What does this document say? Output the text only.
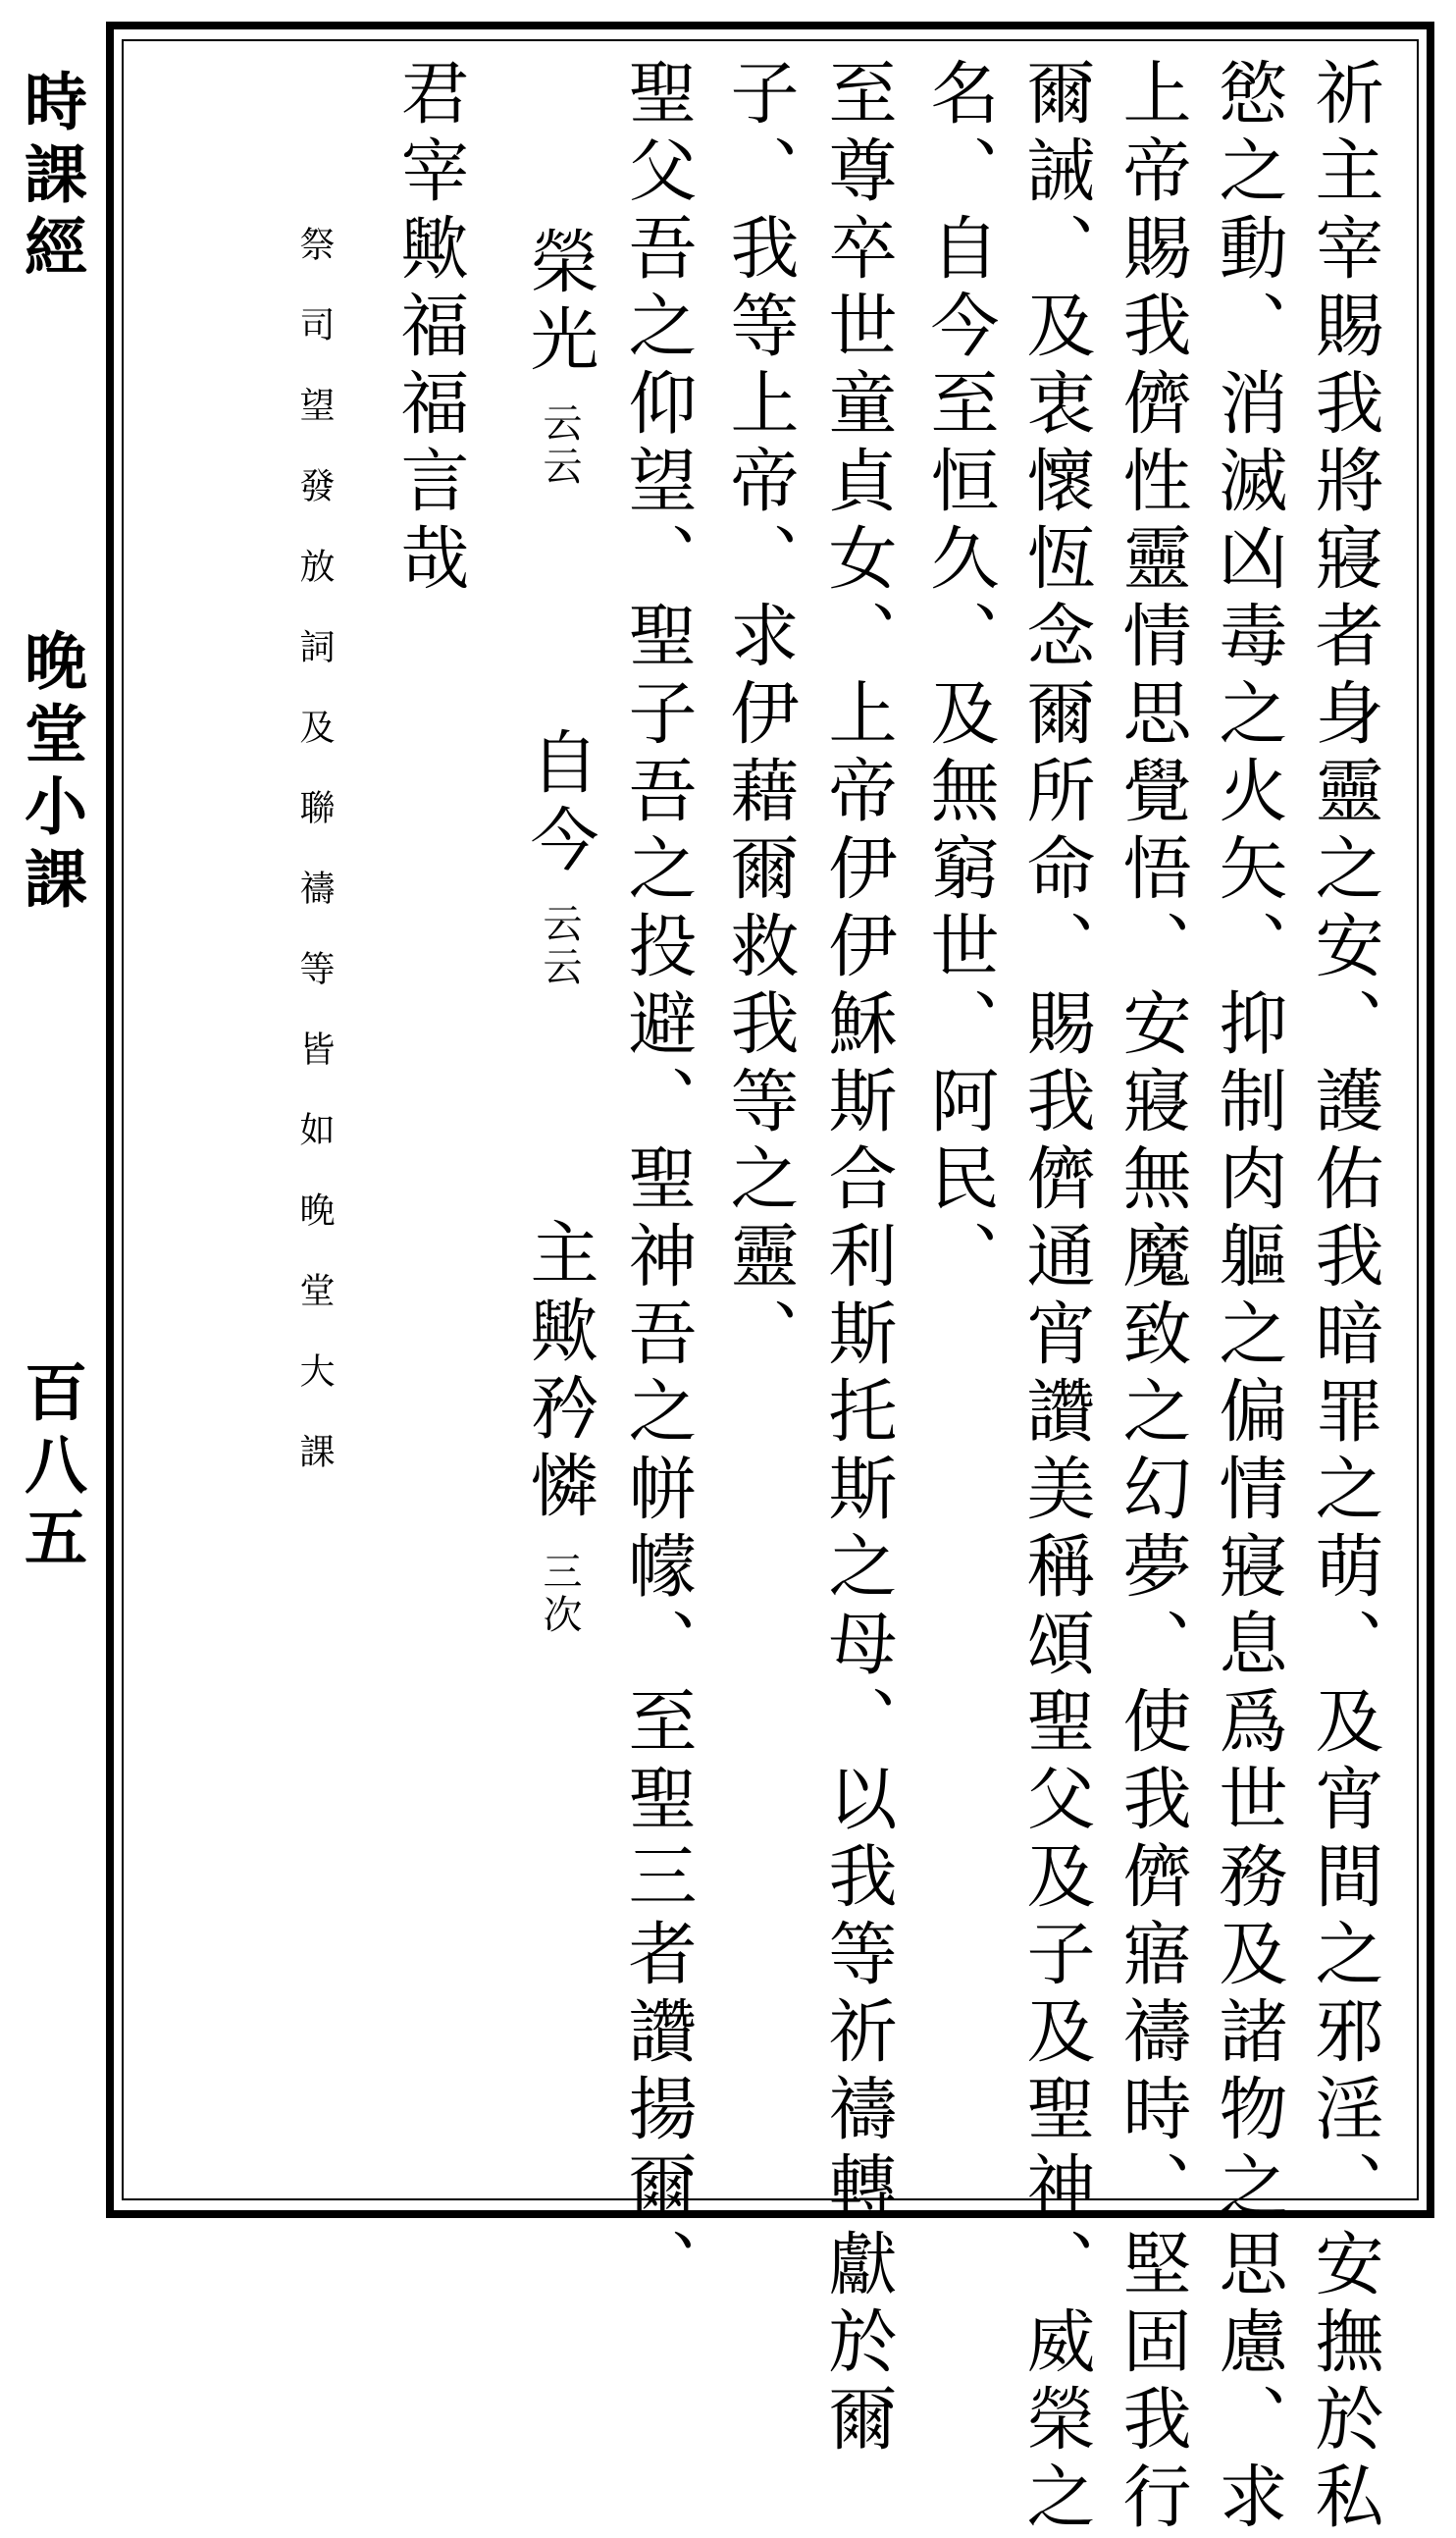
時課經
晚堂小課
百八五	祈主宰賜我將寢者身靈之安、護佑我暗罪之萌、及宵間之邪淫、安撫於私
慾之動、消滅凶毒之火矢、抑制肉軀之偏情寢息爲世務及諸物之思慮、求
上帝賜我儕性靈情思覺悟、安寢無魔致之幻夢、使我儕寤禱時、堅固我行
爾誡、及衷懷恆念爾所命、賜我儕通宵讚美稱頌聖父及子及聖神、威榮之
名、自今至恒久、及無窮世、阿民、
至尊卒世童貞女、上帝伊伊穌斯合利斯托斯之母、以我等祈禱轉獻於爾
子、我等上帝、求伊藉爾救我等之靈、
聖父吾之仰望、聖子吾之投避、聖神吾之帡幪、至聖三者讚揚爾、
榮光
云云
自今
云云
主歟矜憐
三次
君宰歟福福言哉
祭司望發放詞及聯禱等皆如晚堂大課
